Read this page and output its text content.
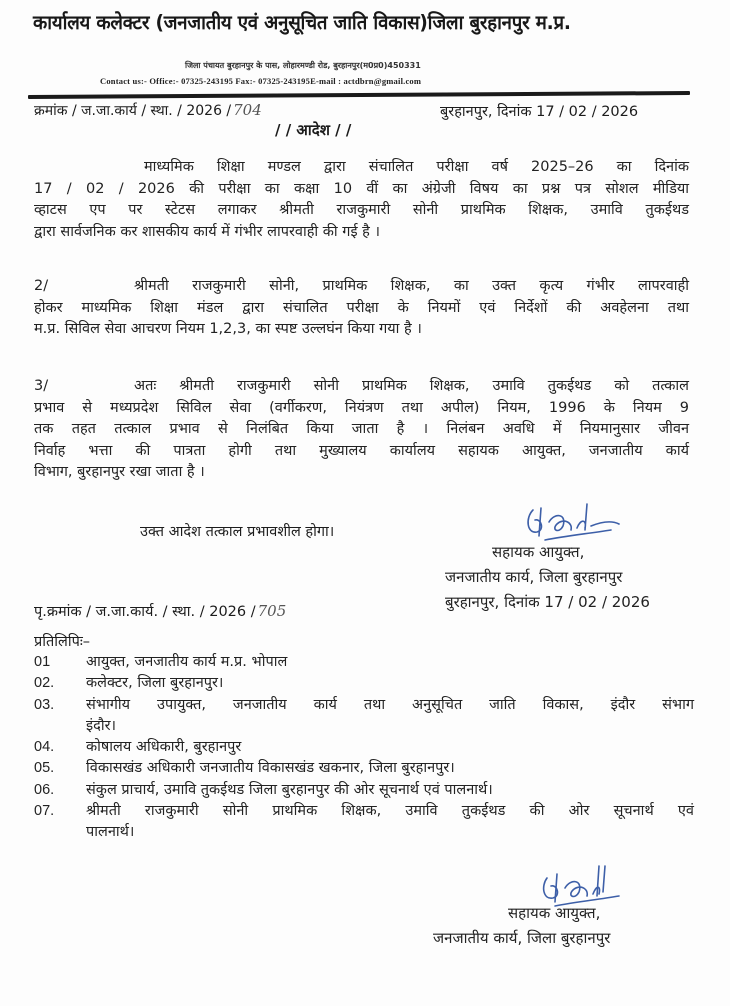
कार्यालय कलेक्टर (जनजातीय एवं अनुसूचित जाति विकास)जिला बुरहानपुर म.प्र.
जिला पंचायत बुरहानपुर के पास, लोहारमण्डी रोड, बुरहानपुर(म0प्र0)450331
Contact us:- Office:- 07325-243195 Fax:- 07325-243195E-mail : actdbrn@gmail.com
क्रमांक / ज.जा.कार्य / स्था. / 2026 / 704	बुरहानपुर, दिनांक 17 / 02 / 2026
/ / आदेश / /
माध्यमिक शिक्षा मण्डल द्वारा संचालित परीक्षा वर्ष 2025–26 का दिनांक
17 / 02 / 2026 की परीक्षा का कक्षा 10 वीं का अंग्रेजी विषय का प्रश्न पत्र सोशल मीडिया
व्हाटस एप पर स्टेटस लगाकर श्रीमती राजकुमारी सोनी प्राथमिक शिक्षक, उमावि तुकईथड
द्वारा सार्वजनिक कर शासकीय कार्य में गंभीर लापरवाही की गई है ।
2/	श्रीमती राजकुमारी सोनी, प्राथमिक शिक्षक, का उक्त कृत्य गंभीर लापरवाही
होकर माध्यमिक शिक्षा मंडल द्वारा संचालित परीक्षा के नियमों एवं निर्देशों की अवहेलना तथा
म.प्र. सिविल सेवा आचरण नियम 1,2,3, का स्पष्ट उल्लघंन किया गया है ।
3/	अतः श्रीमती राजकुमारी सोनी प्राथमिक शिक्षक, उमावि तुकईथड को तत्काल
प्रभाव से मध्यप्रदेश सिविल सेवा (वर्गीकरण, नियंत्रण तथा अपील) नियम, 1996 के नियम 9
तक तहत तत्काल प्रभाव से निलंबित किया जाता है । निलंबन अवधि में नियमानुसार जीवन
निर्वाह भत्ता की पात्रता होगी तथा मुख्यालय कार्यालय सहायक आयुक्त, जनजातीय कार्य
विभाग, बुरहानपुर रखा जाता है ।
उक्त आदेश तत्काल प्रभावशील होगा।
सहायक आयुक्त,
जनजातीय कार्य, जिला बुरहानपुर
बुरहानपुर, दिनांक 17 / 02 / 2026
पृ.क्रमांक / ज.जा.कार्य. / स्था. / 2026 / 705
प्रतिलिपिः–
01	आयुक्त, जनजातीय कार्य म.प्र. भोपाल
02.	कलेक्टर, जिला बुरहानपुर।
03.	संभागीय उपायुक्त, जनजातीय कार्य तथा अनुसूचित जाति विकास, इंदौर संभाग
इंदौर।
04.	कोषालय अधिकारी, बुरहानपुर
05.	विकासखंड अधिकारी जनजातीय विकासखंड खकनार, जिला बुरहानपुर।
06.	संकुल प्राचार्य, उमावि तुकईथड जिला बुरहानपुर की ओर सूचनार्थ एवं पालनार्थ।
07.	श्रीमती राजकुमारी सोनी प्राथमिक शिक्षक, उमावि तुकईथड की ओर सूचनार्थ एवं
पालनार्थ।
सहायक आयुक्त,
जनजातीय कार्य, जिला बुरहानपुर
